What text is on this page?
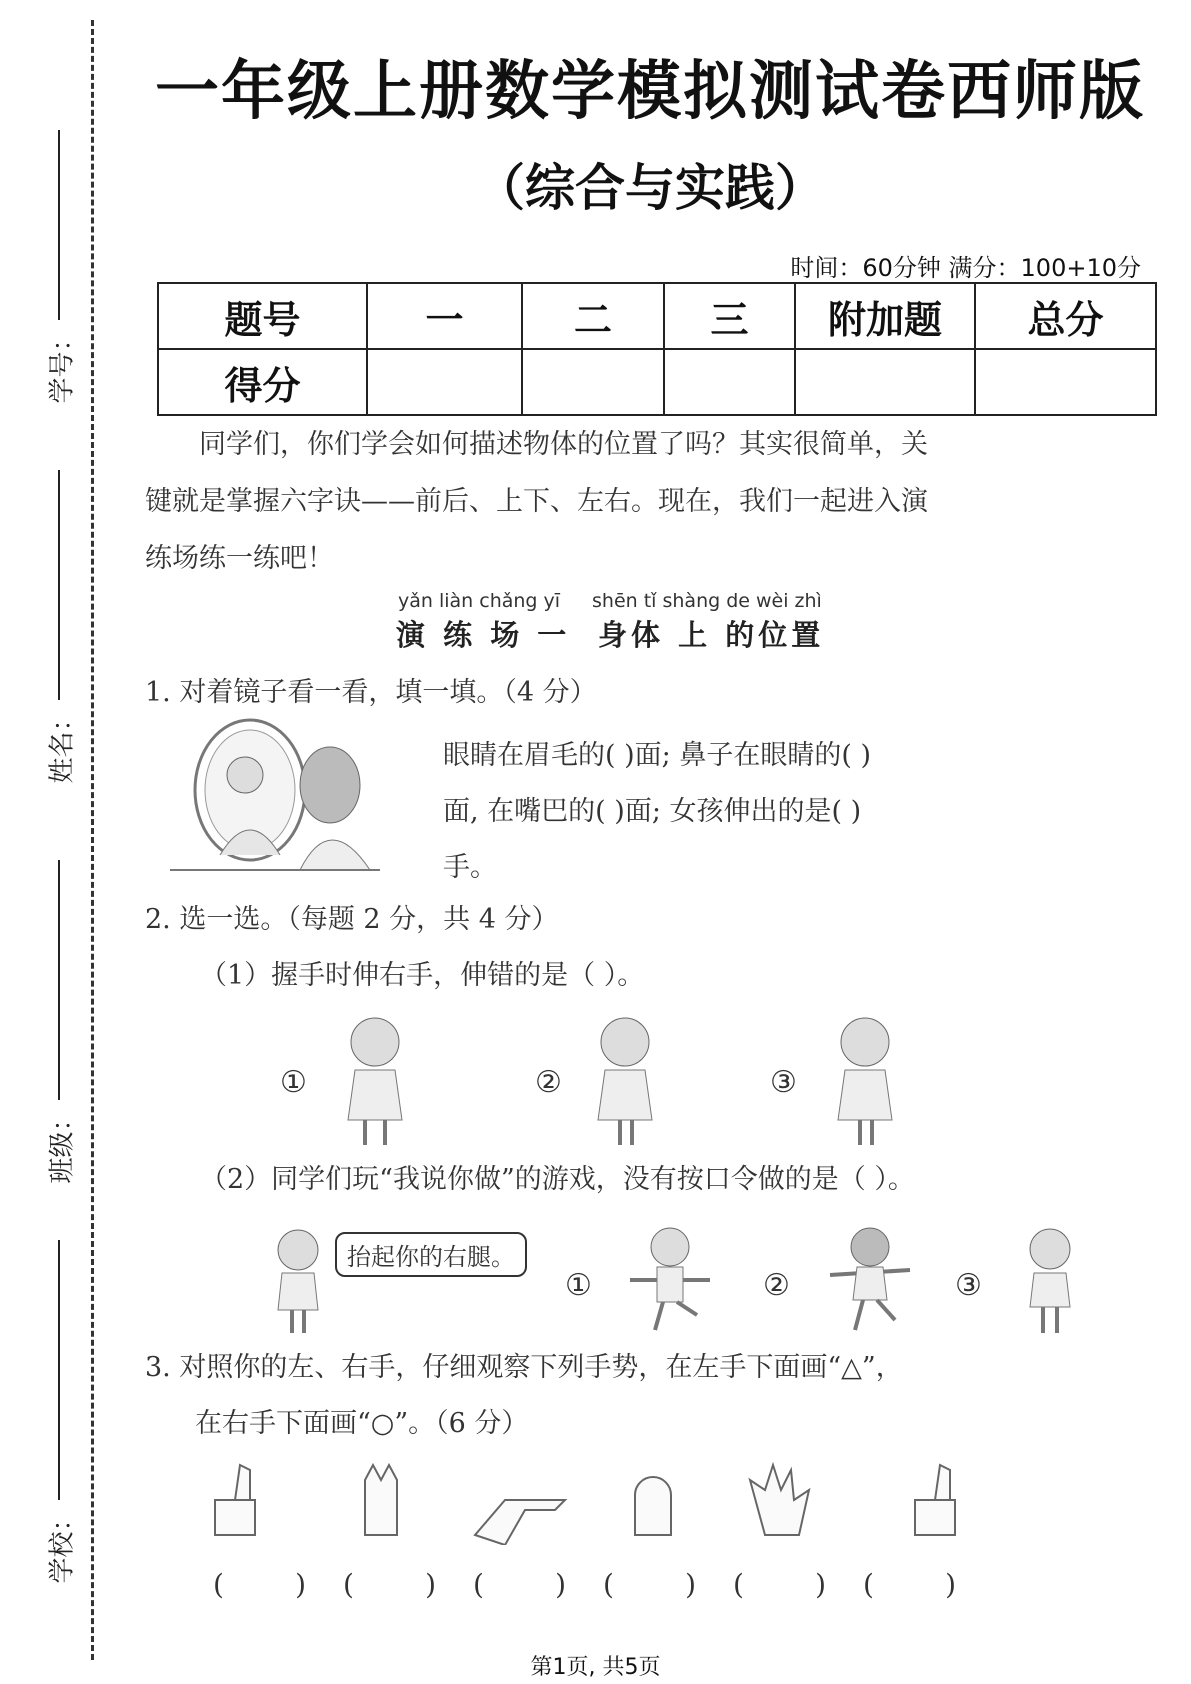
学号：
姓名：
班级：
学校：
一年级上册数学模拟测试卷西师版
（综合与实践）
时间：60分钟 满分：100+10分
题号	一	二	三	附加题	总分
得分					
同学们，你们学会如何描述物体的位置了吗？其实很简单，关
键就是掌握六字诀——前后、上下、左右。现在，我们一起进入演
练场练一练吧！
yǎn liàn chǎng yī shēn tǐ shàng de wèi zhì
演 练 场 一 身体 上 的位置
1. 对着镜子看一看，填一填。（4 分）
眼睛在眉毛的( )面; 鼻子在眼睛的( )
面, 在嘴巴的( )面; 女孩伸出的是( )
手。
2. 选一选。（每题 2 分，共 4 分）
（1）握手时伸右手，伸错的是（ ）。
①	②	③
（2）同学们玩“我说你做”的游戏，没有按口令做的是（ ）。
抬起你的右腿。
①	②	③
3. 对照你的左、右手，仔细观察下列手势，在左手下面画“△”，
在右手下面画“○”。（6 分）
(        ) (        ) (        ) (        ) (        ) (        )
第1页, 共5页
